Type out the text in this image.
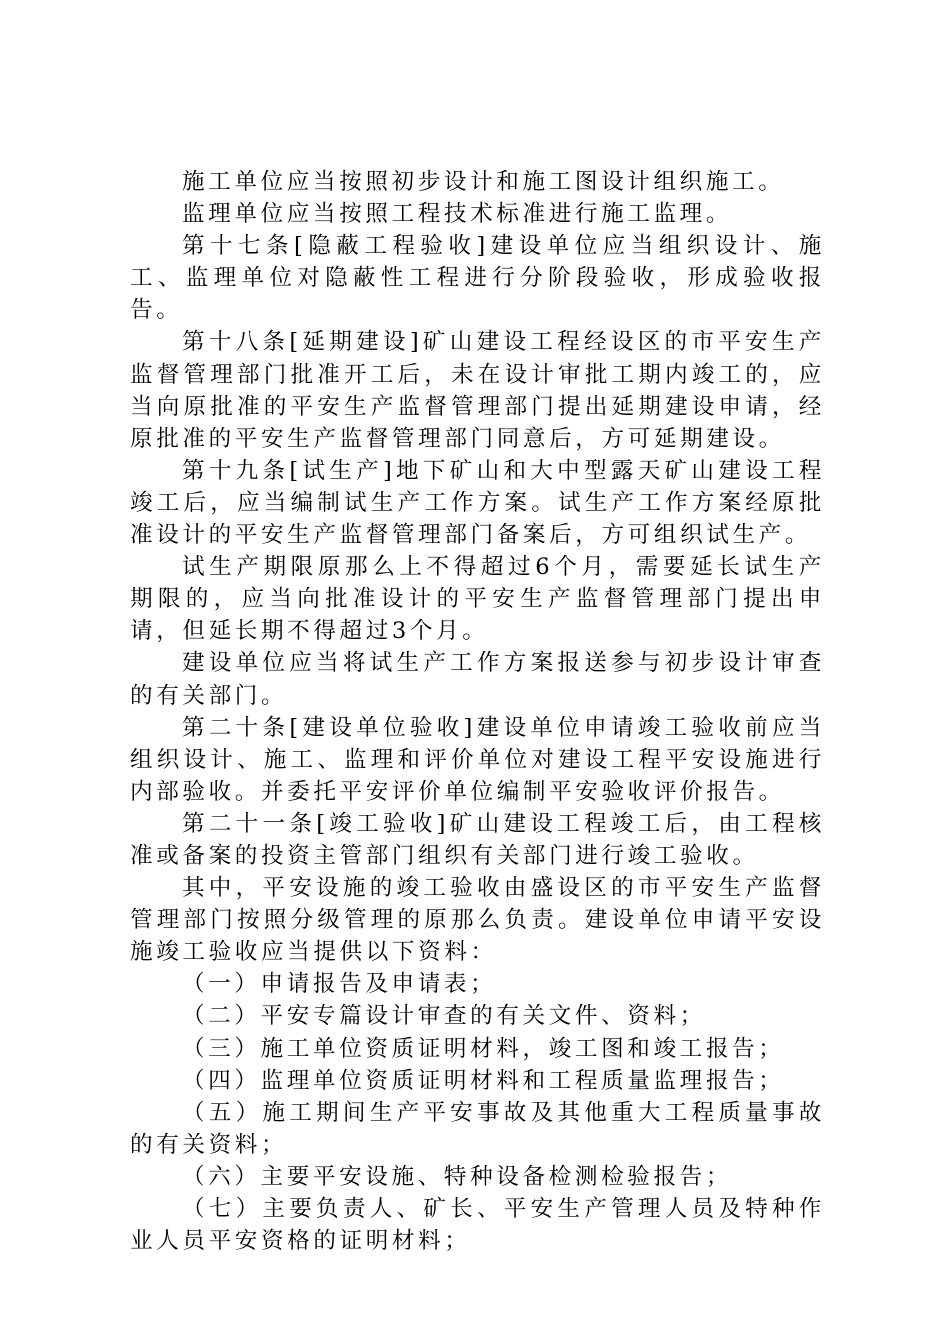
施工单位应当按照初步设计和施工图设计组织施工。

监理单位应当按照工程技术标准进行施工监理。

第十七条[隐蔽工程验收]建设单位应当组织设计、施工、监理单位对隐蔽性工程进行分阶段验收，形成验收报告。

第十八条[延期建设]矿山建设工程经设区的市平安生产监督管理部门批准开工后，未在设计审批工期内竣工的，应当向原批准的平安生产监督管理部门提出延期建设申请，经原批准的平安生产监督管理部门同意后，方可延期建设。

第十九条[试生产]地下矿山和大中型露天矿山建设工程竣工后，应当编制试生产工作方案。试生产工作方案经原批准设计的平安生产监督管理部门备案后，方可组织试生产。

试生产期限原那么上不得超过6个月，需要延长试生产期限的，应当向批准设计的平安生产监督管理部门提出申请，但延长期不得超过3个月。

建设单位应当将试生产工作方案报送参与初步设计审查的有关部门。

第二十条[建设单位验收]建设单位申请竣工验收前应当组织设计、施工、监理和评价单位对建设工程平安设施进行内部验收。并委托平安评价单位编制平安验收评价报告。

第二十一条[竣工验收]矿山建设工程竣工后，由工程核准或备案的投资主管部门组织有关部门进行竣工验收。

其中，平安设施的竣工验收由盛设区的市平安生产监督管理部门按照分级管理的原那么负责。建设单位申请平安设施竣工验收应当提供以下资料：

（一）申请报告及申请表；

（二）平安专篇设计审查的有关文件、资料；

（三）施工单位资质证明材料，竣工图和竣工报告；

（四）监理单位资质证明材料和工程质量监理报告；

（五）施工期间生产平安事故及其他重大工程质量事故的有关资料；

（六）主要平安设施、特种设备检测检验报告；

（七）主要负责人、矿长、平安生产管理人员及特种作业人员平安资格的证明材料；
